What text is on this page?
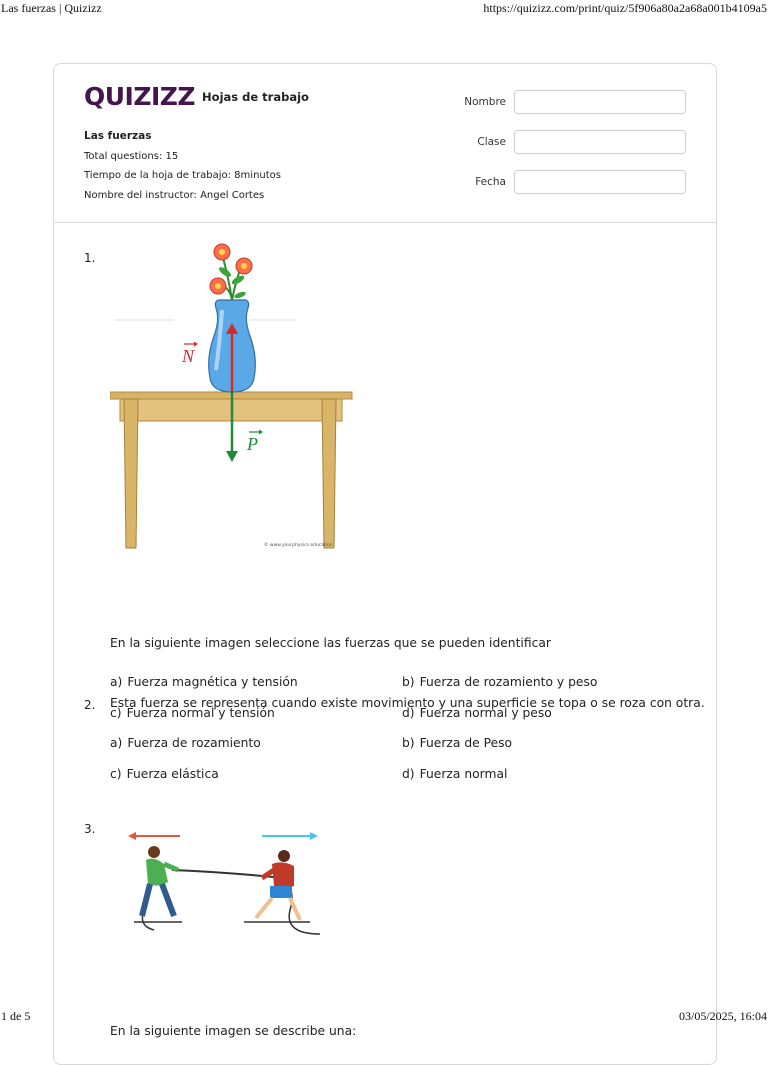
Las fuerzas | Quizizz	https://quizizz.com/print/quiz/5f906a80a2a68a001b4109a5
QUIZIZZ Hojas de trabajo
Las fuerzas
Total questions: 15
Tiempo de la hoja de trabajo: 8minutos
Nombre del instructor: Angel Cortes
Nombre
Clase
Fecha
1.
N
P
© www.yourphysics.education
En la siguiente imagen seleccione las fuerzas que se pueden identificar
a) Fuerza magnética y tensión	b) Fuerza de rozamiento y peso
c) Fuerza normal y tensión	d) Fuerza normal y peso
2. Esta fuerza se representa cuando existe movimiento y una superficie se topa o se roza con otra.
a) Fuerza de rozamiento	b) Fuerza de Peso
c) Fuerza elástica	d) Fuerza normal
3.
En la siguiente imagen se describe una:
1 de 5	03/05/2025, 16:04
